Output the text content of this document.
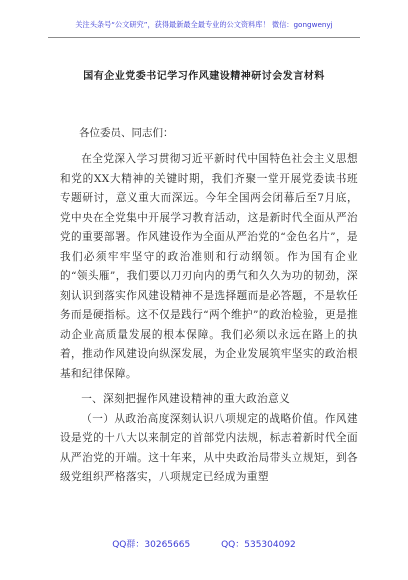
关注头条号“公文研究”，获得最新最全最专业的公文资料库！ 微信：gongwenyj
国有企业党委书记学习作风建设精神研讨会发言材料
各位委员、同志们：

在全党深入学习贯彻习近平新时代中国特色社会主义思想和党的XX大精神的关键时期，我们齐聚一堂开展党委读书班专题研讨，意义重大而深远。今年全国两会闭幕后至7月底，党中央在全党集中开展学习教育活动，这是新时代全面从严治党的重要部署。作风建设作为全面从严治党的“金色名片”，是我们必须牢牢坚守的政治准则和行动纲领。作为国有企业的“领头雁”，我们要以刀刃向内的勇气和久久为功的韧劲，深刻认识到落实作风建设精神不是选择题而是必答题，不是软任务而是硬指标。这不仅是践行“两个维护”的政治检验，更是推动企业高质量发展的根本保障。我们必须以永远在路上的执着，推动作风建设向纵深发展，为企业发展筑牢坚实的政治根基和纪律保障。

一、深刻把握作风建设精神的重大政治意义

（一）从政治高度深刻认识八项规定的战略价值。作风建设是党的十八大以来制定的首部党内法规，标志着新时代全面从严治党的开端。这十年来，从中央政治局带头立规矩，到各级党组织严格落实，八项规定已经成为重塑

QQ群：30265665	QQ：535304092
